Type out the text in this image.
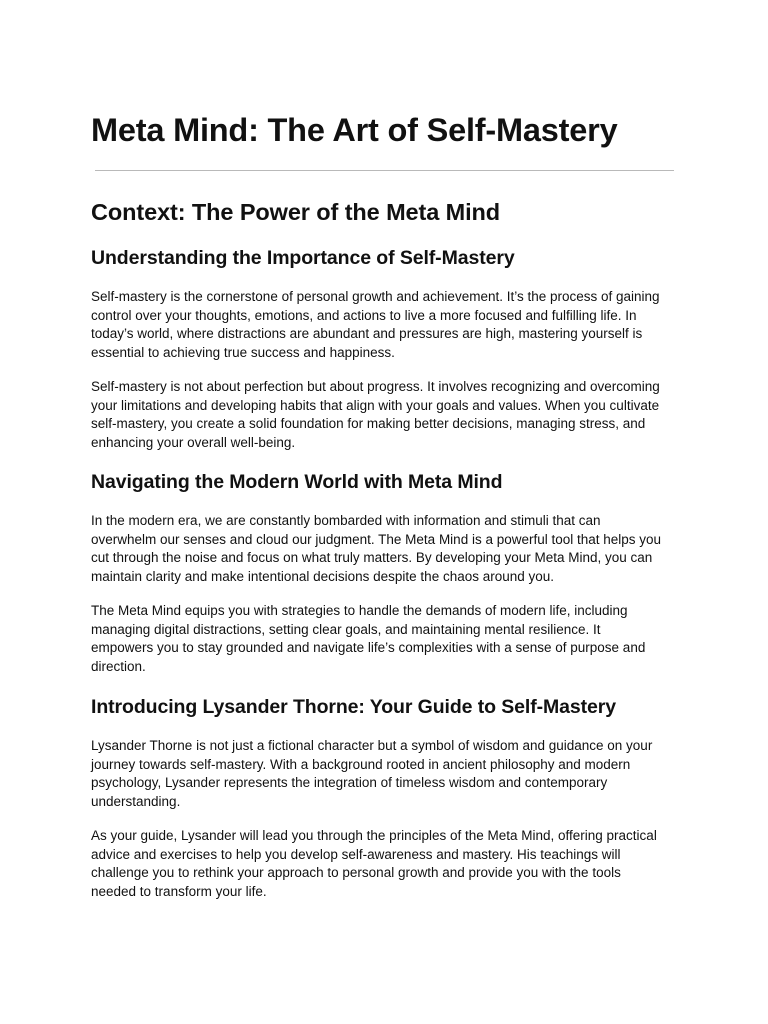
Meta Mind: The Art of Self-Mastery
Context: The Power of the Meta Mind
Understanding the Importance of Self-Mastery

Self-mastery is the cornerstone of personal growth and achievement. It’s the process of gaining
control over your thoughts, emotions, and actions to live a more focused and fulfilling life. In
today’s world, where distractions are abundant and pressures are high, mastering yourself is
essential to achieving true success and happiness.

Self-mastery is not about perfection but about progress. It involves recognizing and overcoming
your limitations and developing habits that align with your goals and values. When you cultivate
self-mastery, you create a solid foundation for making better decisions, managing stress, and
enhancing your overall well-being.

Navigating the Modern World with Meta Mind

In the modern era, we are constantly bombarded with information and stimuli that can
overwhelm our senses and cloud our judgment. The Meta Mind is a powerful tool that helps you
cut through the noise and focus on what truly matters. By developing your Meta Mind, you can
maintain clarity and make intentional decisions despite the chaos around you.

The Meta Mind equips you with strategies to handle the demands of modern life, including
managing digital distractions, setting clear goals, and maintaining mental resilience. It
empowers you to stay grounded and navigate life’s complexities with a sense of purpose and
direction.

Introducing Lysander Thorne: Your Guide to Self-Mastery

Lysander Thorne is not just a fictional character but a symbol of wisdom and guidance on your
journey towards self-mastery. With a background rooted in ancient philosophy and modern
psychology, Lysander represents the integration of timeless wisdom and contemporary
understanding.

As your guide, Lysander will lead you through the principles of the Meta Mind, offering practical
advice and exercises to help you develop self-awareness and mastery. His teachings will
challenge you to rethink your approach to personal growth and provide you with the tools
needed to transform your life.
